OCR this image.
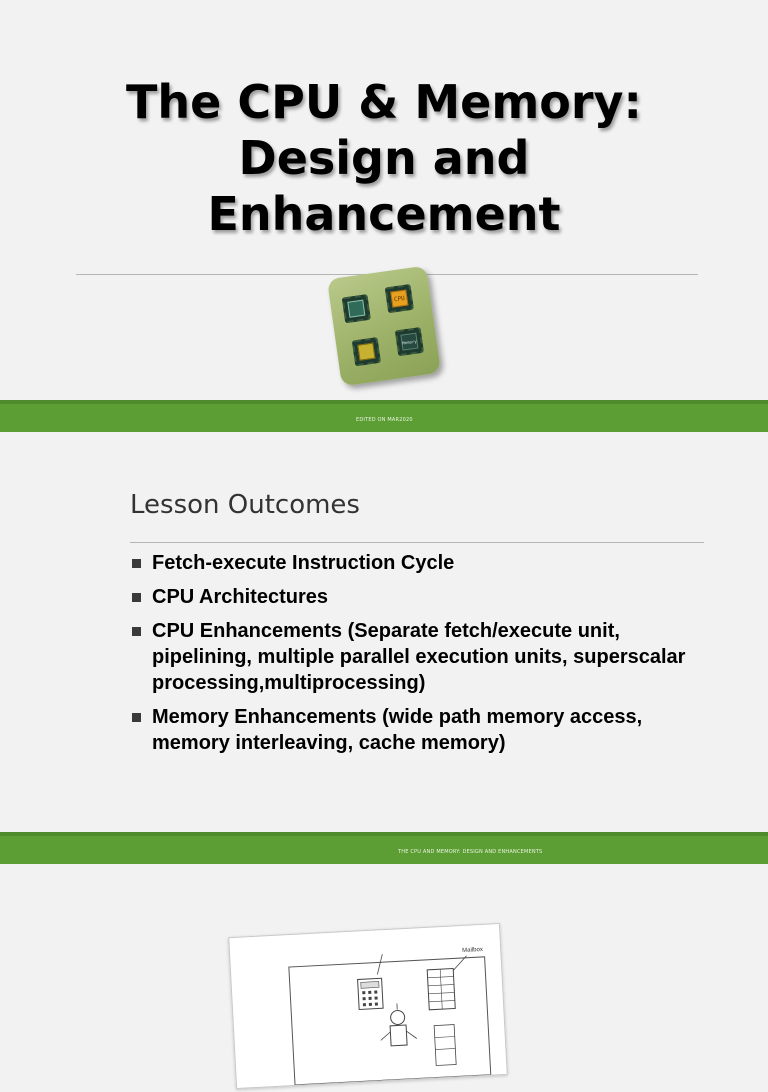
The CPU & Memory:
Design and
Enhancement
CPU
Memory
EDITED ON MAR2020
Lesson Outcomes
Fetch-execute Instruction Cycle
CPU Architectures
CPU Enhancements (Separate fetch/execute unit, pipelining, multiple parallel execution units, superscalar processing,multiprocessing)
Memory Enhancements (wide path memory access, memory interleaving, cache memory)
THE CPU AND MEMORY: DESIGN AND ENHANCEMENTS
Mailbox
